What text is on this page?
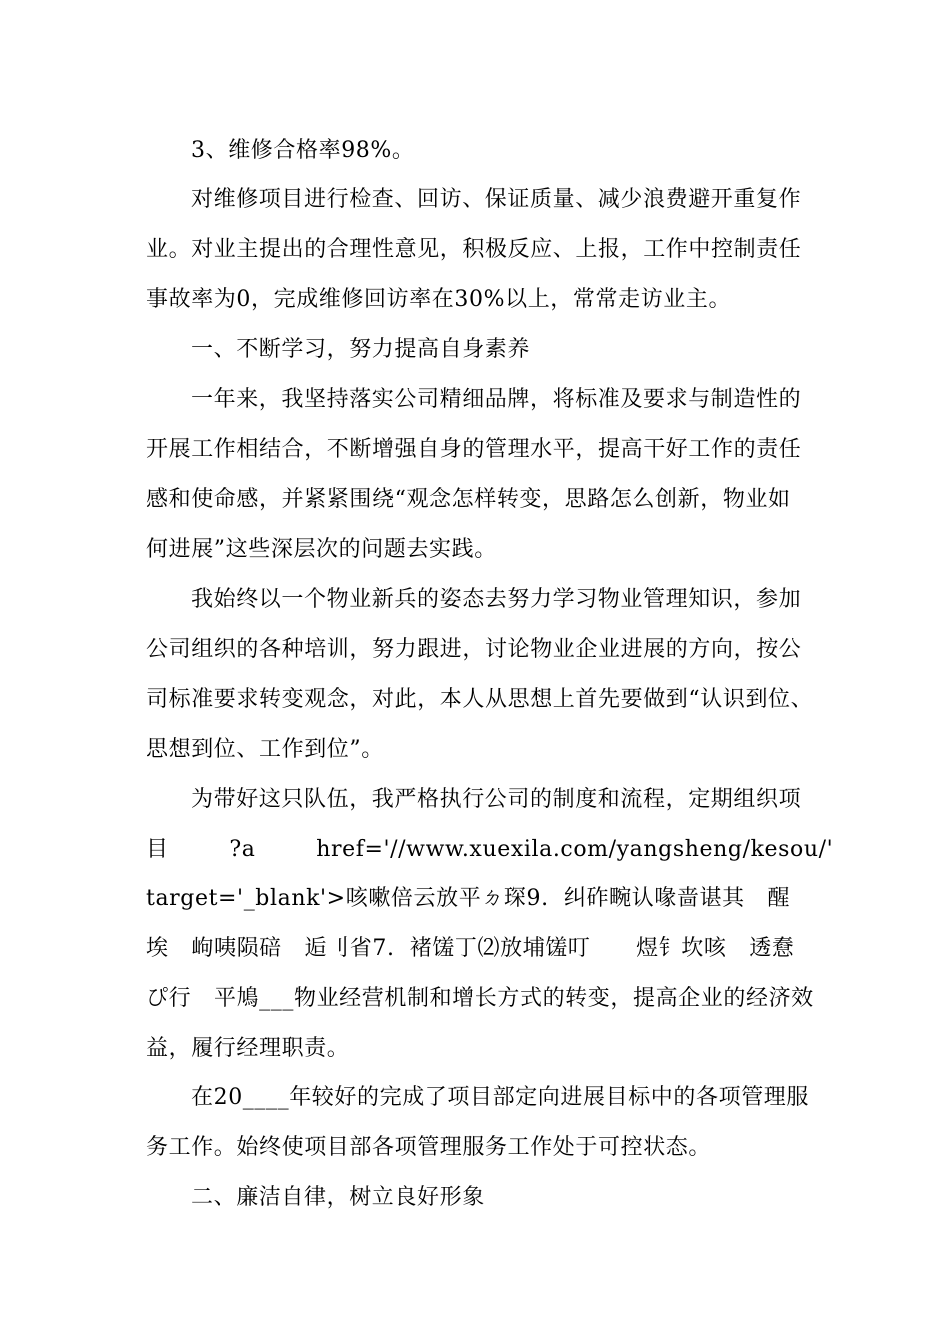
3、维修合格率98%。
对维修项目进行检查、回访、保证质量、减少浪费避开重复作
业。对业主提出的合理性意见，积极反应、上报，工作中控制责任
事故率为0，完成维修回访率在30%以上，常常走访业主。
一、不断学习，努力提高自身素养
一年来，我坚持落实公司精细品牌，将标准及要求与制造性的
开展工作相结合，不断增强自身的管理水平，提高干好工作的责任
感和使命感，并紧紧围绕“观念怎样转变，思路怎么创新，物业如
何进展”这些深层次的问题去实践。
我始终以一个物业新兵的姿态去努力学习物业管理知识，参加
公司组织的各种培训，努力跟进，讨论物业企业进展的方向，按公
司标准要求转变观念，对此，本人从思想上首先要做到“认识到位、
思想到位、工作到位”。
为带好这只队伍，我严格执行公司的制度和流程，定期组织项
目        ?a        href='//www.xuexila.com/yangsheng/kesou/'
target='_blank'>咳嗽倍云放平ㄉ琛9.  纠砟畹认喙啬谌其   醒
埃   岣咦陨碚   逅刂省7.  褚馐丁⑵放埔馐叮      煜钅坎咳   透憃
ぴ行   平鳩___物业经营机制和增长方式的转变，提高企业的经济效
益，履行经理职责。
在20____年较好的完成了项目部定向进展目标中的各项管理服
务工作。始终使项目部各项管理服务工作处于可控状态。
二、廉洁自律，树立良好形象
